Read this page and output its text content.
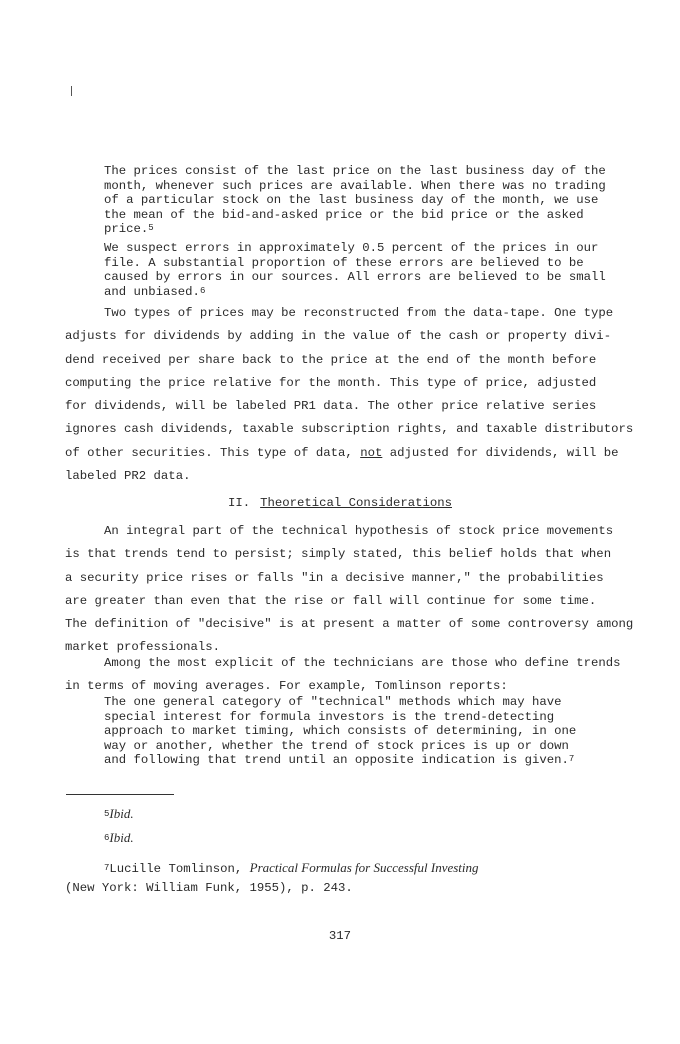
The prices consist of the last price on the last business day of the
month, whenever such prices are available. When there was no trading
of a particular stock on the last business day of the month, we use
the mean of the bid-and-asked price or the bid price or the asked
price.$^5$
We suspect errors in approximately 0.5 percent of the prices in our
file. A substantial proportion of these errors are believed to be
caused by errors in our sources. All errors are believed to be small
and unbiased.$^6$
Two types of prices may be reconstructed from the data-tape. One type
adjusts for dividends by adding in the value of the cash or property divi-
dend received per share back to the price at the end of the month before
computing the price relative for the month. This type of price, adjusted
for dividends, will be labeled PR1 data. The other price relative series
ignores cash dividends, taxable subscription rights, and taxable distributors
of other securities. This type of data, not adjusted for dividends, will be
labeled PR2 data.
II. Theoretical Considerations
An integral part of the technical hypothesis of stock price movements
is that trends tend to persist; simply stated, this belief holds that when
a security price rises or falls "in a decisive manner," the probabilities
are greater than even that the rise or fall will continue for some time.
The definition of "decisive" is at present a matter of some controversy among
market professionals.
Among the most explicit of the technicians are those who define trends
in terms of moving averages. For example, Tomlinson reports:
The one general category of "technical" methods which may have
special interest for formula investors is the trend-detecting
approach to market timing, which consists of determining, in one
way or another, whether the trend of stock prices is up or down
and following that trend until an opposite indication is given.$^7$
$^5$Ibid.
$^6$Ibid.
$^7$Lucille Tomlinson, Practical Formulas for Successful Investing
(New York: William Funk, 1955), p. 243.
317
